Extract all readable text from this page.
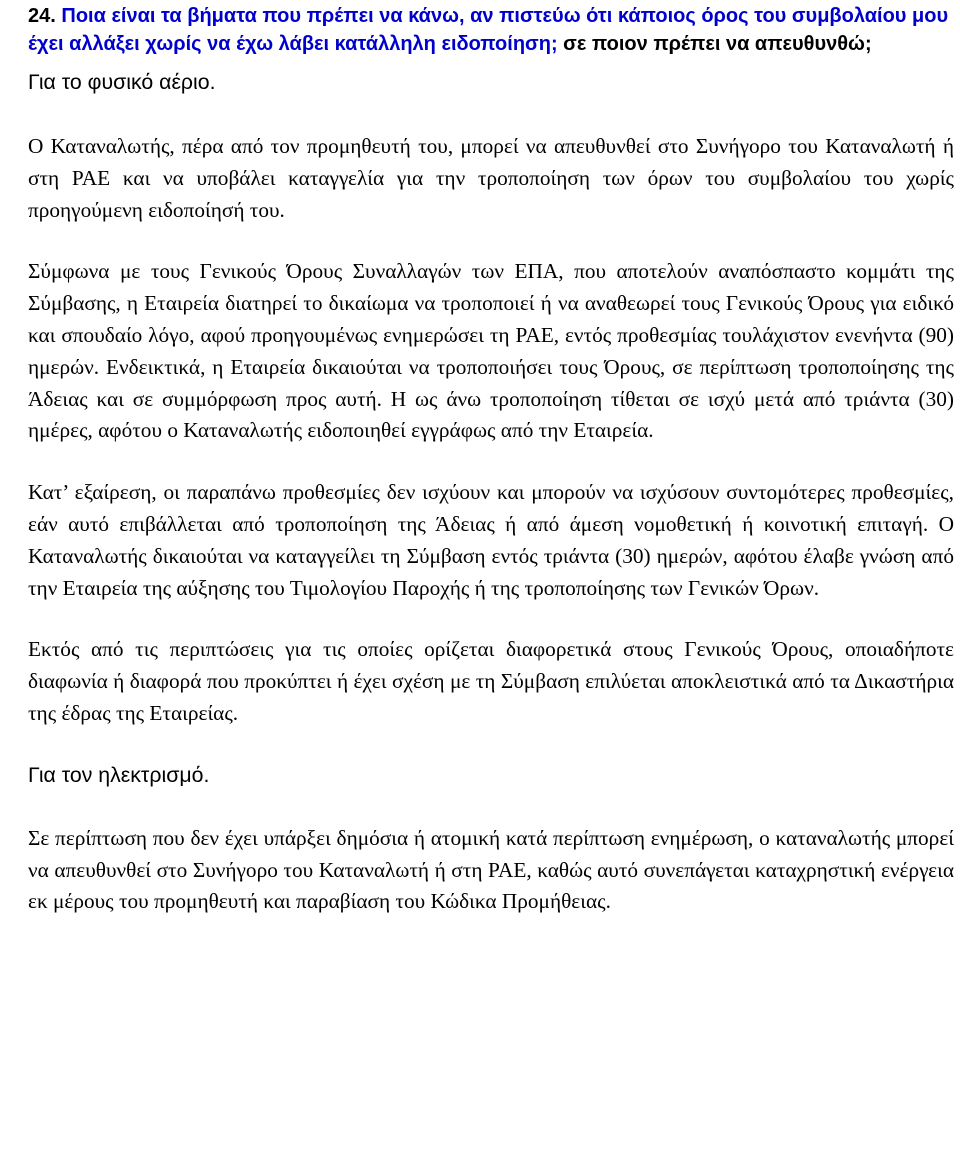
24. Ποια είναι τα βήματα που πρέπει να κάνω, αν πιστεύω ότι κάποιος όρος του συμβολαίου μου έχει αλλάξει χωρίς να έχω λάβει κατάλληλη ειδοποίηση; σε ποιον πρέπει να απευθυνθώ;

Για το φυσικό αέριο.

Ο Καταναλωτής, πέρα από τον προμηθευτή του, μπορεί να απευθυνθεί στο Συνήγορο του Καταναλωτή ή στη ΡΑΕ και να υποβάλει καταγγελία για την τροποποίηση των όρων του συμβολαίου του χωρίς προηγούμενη ειδοποίησή του.

Σύμφωνα με τους Γενικούς Όρους Συναλλαγών των ΕΠΑ, που αποτελούν αναπόσπαστο κομμάτι της Σύμβασης, η Εταιρεία διατηρεί το δικαίωμα να τροποποιεί ή να αναθεωρεί τους Γενικούς Όρους για ειδικό και σπουδαίο λόγο, αφού προηγουμένως ενημερώσει τη ΡΑΕ, εντός προθεσμίας τουλάχιστον ενενήντα (90) ημερών. Ενδεικτικά, η Εταιρεία δικαιούται να τροποποιήσει τους Όρους, σε περίπτωση τροποποίησης της Άδειας και σε συμμόρφωση προς αυτή. Η ως άνω τροποποίηση τίθεται σε ισχύ μετά από τριάντα (30) ημέρες, αφότου ο Καταναλωτής ειδοποιηθεί εγγράφως από την Εταιρεία.

Κατ’ εξαίρεση, οι παραπάνω προθεσμίες δεν ισχύουν και μπορούν να ισχύσουν συντομότερες προθεσμίες, εάν αυτό επιβάλλεται από τροποποίηση της Άδειας ή από άμεση νομοθετική ή κοινοτική επιταγή. Ο Καταναλωτής δικαιούται να καταγγείλει τη Σύμβαση εντός τριάντα (30) ημερών, αφότου έλαβε γνώση από την Εταιρεία της αύξησης του Τιμολογίου Παροχής ή της τροποποίησης των Γενικών Όρων.

Εκτός από τις περιπτώσεις για τις οποίες ορίζεται διαφορετικά στους Γενικούς Όρους, οποιαδήποτε διαφωνία ή διαφορά που προκύπτει ή έχει σχέση με τη Σύμβαση επιλύεται αποκλειστικά από τα Δικαστήρια της έδρας της Εταιρείας.

Για τον ηλεκτρισμό.

Σε περίπτωση που δεν έχει υπάρξει δημόσια ή ατομική κατά περίπτωση ενημέρωση, ο καταναλωτής μπορεί να απευθυνθεί στο Συνήγορο του Καταναλωτή ή στη ΡΑΕ, καθώς αυτό συνεπάγεται καταχρηστική ενέργεια εκ μέρους του προμηθευτή και παραβίαση του Κώδικα Προμήθειας.
